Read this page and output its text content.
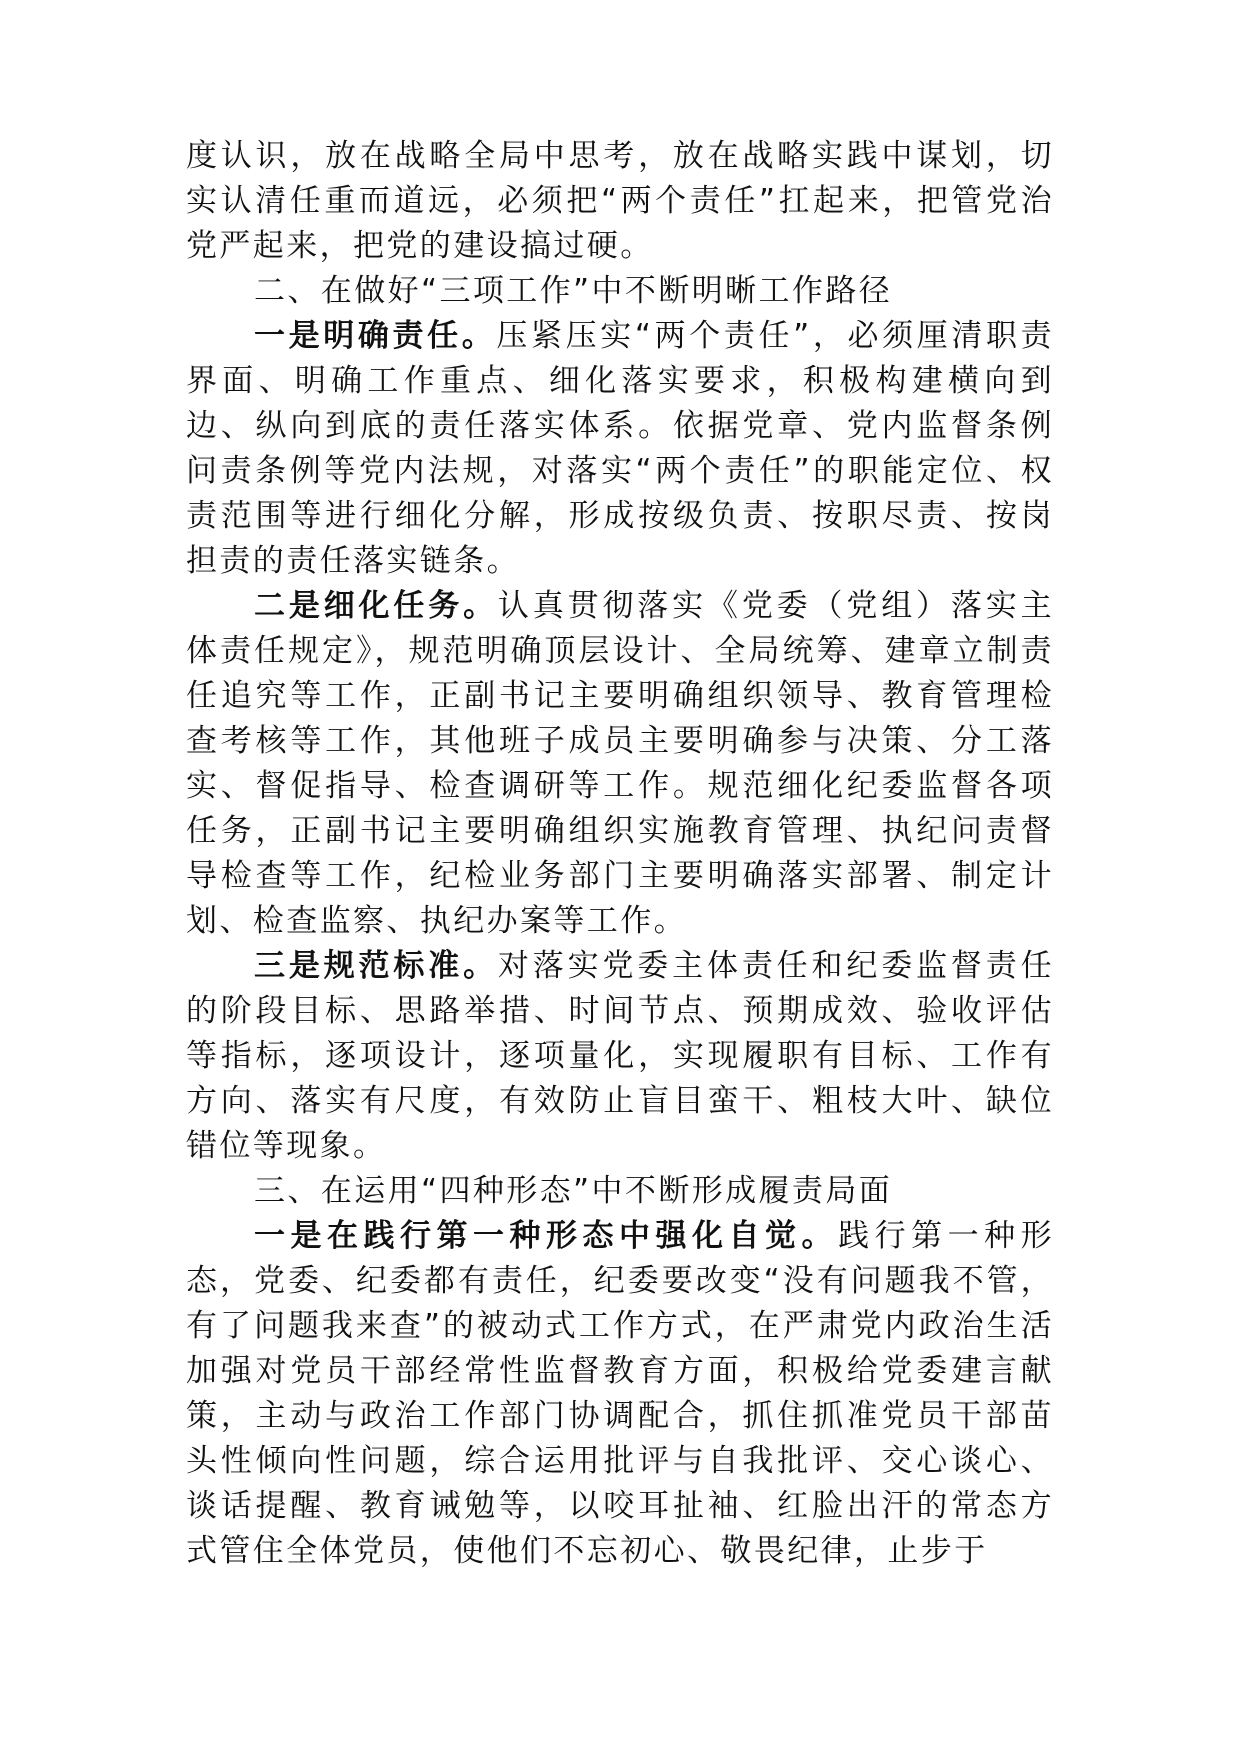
度认识，放在战略全局中思考，放在战略实践中谋划，切实认清任重而道远，必须把“两个责任”扛起来，把管党治党严起来，把党的建设搞过硬。

二、在做好“三项工作”中不断明晰工作路径

一是明确责任。压紧压实“两个责任”，必须厘清职责界面、明确工作重点、细化落实要求，积极构建横向到边、纵向到底的责任落实体系。依据党章、党内监督条例问责条例等党内法规，对落实“两个责任”的职能定位、权责范围等进行细化分解，形成按级负责、按职尽责、按岗担责的责任落实链条。

二是细化任务。认真贯彻落实《党委（党组）落实主体责任规定》，规范明确顶层设计、全局统筹、建章立制责任追究等工作，正副书记主要明确组织领导、教育管理检查考核等工作，其他班子成员主要明确参与决策、分工落实、督促指导、检查调研等工作。规范细化纪委监督各项任务，正副书记主要明确组织实施教育管理、执纪问责督导检查等工作，纪检业务部门主要明确落实部署、制定计划、检查监察、执纪办案等工作。

三是规范标准。对落实党委主体责任和纪委监督责任的阶段目标、思路举措、时间节点、预期成效、验收评估等指标，逐项设计，逐项量化，实现履职有目标、工作有方向、落实有尺度，有效防止盲目蛮干、粗枝大叶、缺位错位等现象。

三、在运用“四种形态”中不断形成履责局面

一是在践行第一种形态中强化自觉。践行第一种形态，党委、纪委都有责任，纪委要改变“没有问题我不管，有了问题我来查”的被动式工作方式，在严肃党内政治生活加强对党员干部经常性监督教育方面，积极给党委建言献策，主动与政治工作部门协调配合，抓住抓准党员干部苗头性倾向性问题，综合运用批评与自我批评、交心谈心、谈话提醒、教育诫勉等，以咬耳扯袖、红脸出汗的常态方式管住全体党员，使他们不忘初心、敬畏纪律，止步于
